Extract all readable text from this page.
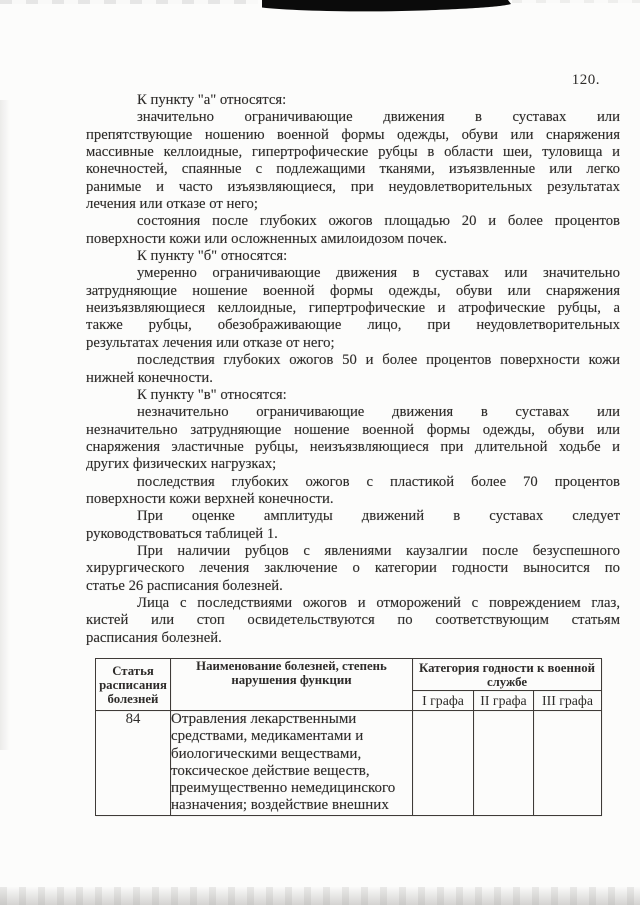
120.
К пункту "а" относятся:
значительно ограничивающие движения в суставах или
препятствующие ношению военной формы одежды, обуви или снаряжения
массивные келлоидные, гипертрофические рубцы в области шеи, туловища и
конечностей, спаянные с подлежащими тканями, изъязвленные или легко
ранимые и часто изъязвляющиеся, при неудовлетворительных результатах
лечения или отказе от него;
состояния после глубоких ожогов площадью 20 и более процентов
поверхности кожи или осложненных амилоидозом почек.
К пункту "б" относятся:
умеренно ограничивающие движения в суставах или значительно
затрудняющие ношение военной формы одежды, обуви или снаряжения
неизъязвляющиеся келлоидные, гипертрофические и атрофические рубцы, а
также рубцы, обезображивающие лицо, при неудовлетворительных
результатах лечения или отказе от него;
последствия глубоких ожогов 50 и более процентов поверхности кожи
нижней конечности.
К пункту "в" относятся:
незначительно ограничивающие движения в суставах или
незначительно затрудняющие ношение военной формы одежды, обуви или
снаряжения эластичные рубцы, неизъязвляющиеся при длительной ходьбе и
других физических нагрузках;
последствия глубоких ожогов с пластикой более 70 процентов
поверхности кожи верхней конечности.
При оценке амплитуды движений в суставах следует
руководствоваться таблицей 1.
При наличии рубцов с явлениями каузалгии после безуспешного
хирургического лечения заключение о категории годности выносится по
статье 26 расписания болезней.
Лица с последствиями ожогов и отморожений с повреждением глаз,
кистей или стоп освидетельствуются по соответствующим статьям
расписания болезней.
Статья расписания болезней	Наименование болезней, степень нарушения функции	Категория годности к военной службе		
		I графа	II графа	III графа
84	Отравления лекарственными
средствами, медикаментами и
биологическими веществами,
токсическое действие веществ,
преимущественно немедицинского
назначения; воздействие внешних
